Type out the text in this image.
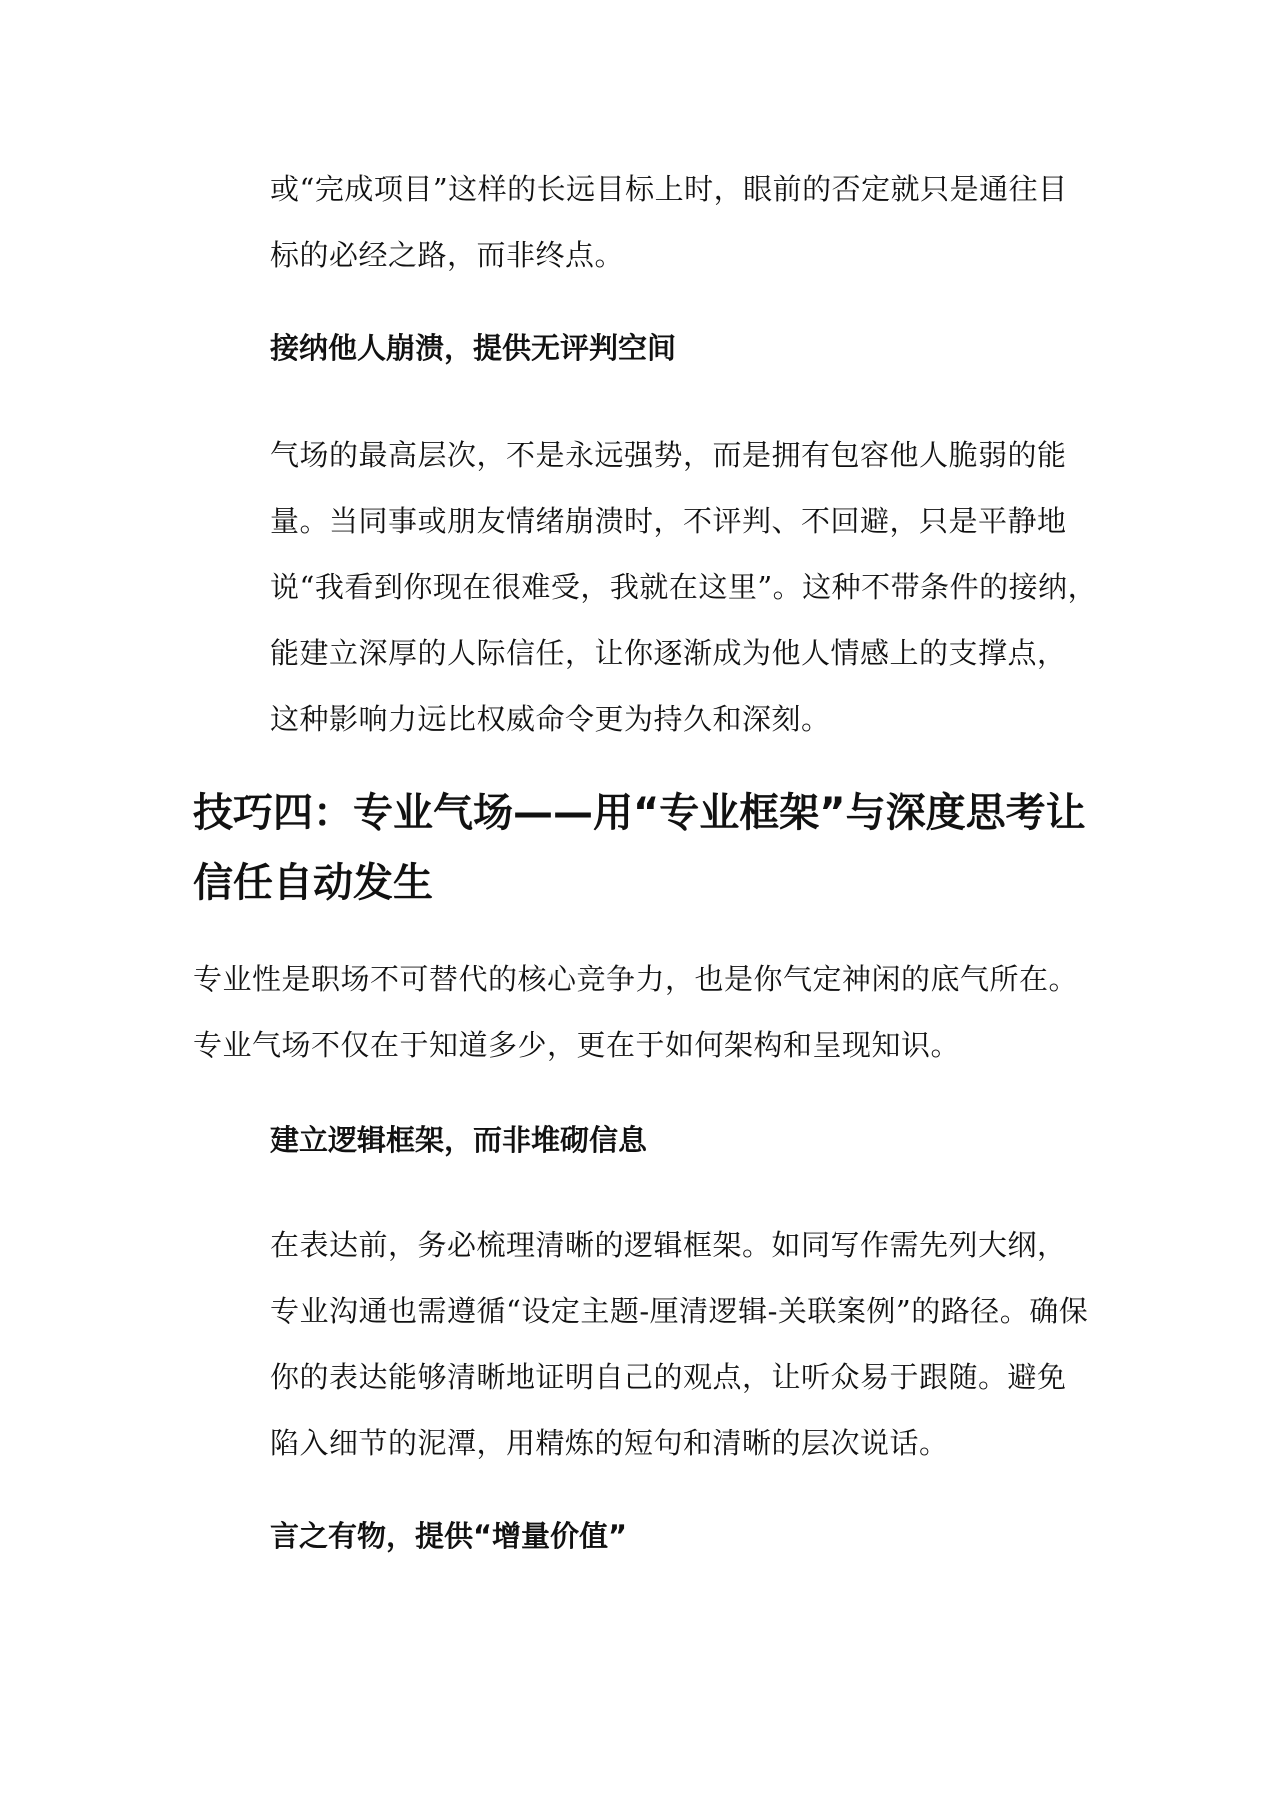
或“完成项目”这样的长远目标上时，眼前的否定就只是通往目
标的必经之路，而非终点。

接纳他人崩溃，提供无评判空间

气场的最高层次，不是永远强势，而是拥有包容他人脆弱的能
量。当同事或朋友情绪崩溃时，不评判、不回避，只是平静地
说“我看到你现在很难受，我就在这里”。这种不带条件的接纳，
能建立深厚的人际信任，让你逐渐成为他人情感上的支撑点，
这种影响力远比权威命令更为持久和深刻。

技巧四：专业气场——用“专业框架”与深度思考让
信任自动发生

专业性是职场不可替代的核心竞争力，也是你气定神闲的底气所在。
专业气场不仅在于知道多少，更在于如何架构和呈现知识。

建立逻辑框架，而非堆砌信息

在表达前，务必梳理清晰的逻辑框架。如同写作需先列大纲，
专业沟通也需遵循“设定主题-厘清逻辑-关联案例”的路径。确保
你的表达能够清晰地证明自己的观点，让听众易于跟随。避免
陷入细节的泥潭，用精炼的短句和清晰的层次说话。

言之有物，提供“增量价值”
